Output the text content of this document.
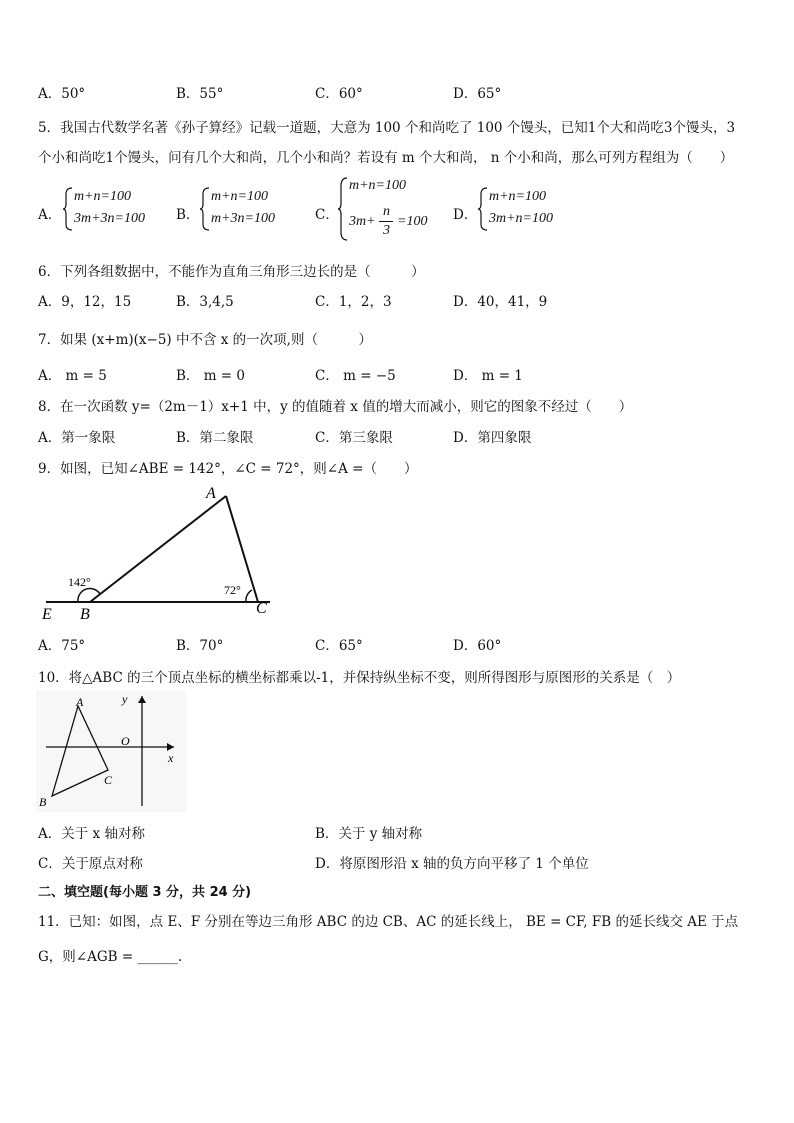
A．50°	B．55°	C．60°	D．65°
5．我国古代数学名著《孙子算经》记载一道题，大意为 100 个和尚吃了 100 个馒头，已知1个大和尚吃3个馒头，3
个小和尚吃1个馒头，问有几个大和尚，几个小和尚？若设有 m 个大和尚， n 个小和尚，那么可列方程组为（　　）
A．
m+n=100
3m+3n=100 B．
m+n=100
m+3n=100	C．
m+n=100
3m+
n
3
=100 D．
m+n=100
3m+n=100
6．下列各组数据中，不能作为直角三角形三边长的是（　　　）
A．9，12，15	B．3,4,5	C．1，2，3	D．40，41，9
7．如果 (x+m)(x−5) 中不含 x 的一次项,则（　　　）
A． m = 5	B． m = 0	C． m = −5	D． m = 1
8．在一次函数 y=（2m－1）x+1 中，y 的值随着 x 值的增大而减小，则它的图象不经过（　　）
A．第一象限	B．第二象限	C．第三象限	D．第四象限
9．如图，已知∠ABE = 142°，∠C = 72°，则∠A =（　　）
A
B	C
E
142°
72°
A．75°	B．70°	C．65°	D．60°
10．将△ABC 的三个顶点坐标的横坐标都乘以-1，并保持纵坐标不变，则所得图形与原图形的关系是（　）
A
B
C
O
x
y
A．关于 x 轴对称	B．关于 y 轴对称
C．关于原点对称	D．将原图形沿 x 轴的负方向平移了 1 个单位
二、填空题(每小题 3 分，共 24 分)
11．已知：如图，点 E、F 分别在等边三角形 ABC 的边 CB、AC 的延长线上， BE = CF, FB 的延长线交 AE 于点
G，则∠AGB = ______.
